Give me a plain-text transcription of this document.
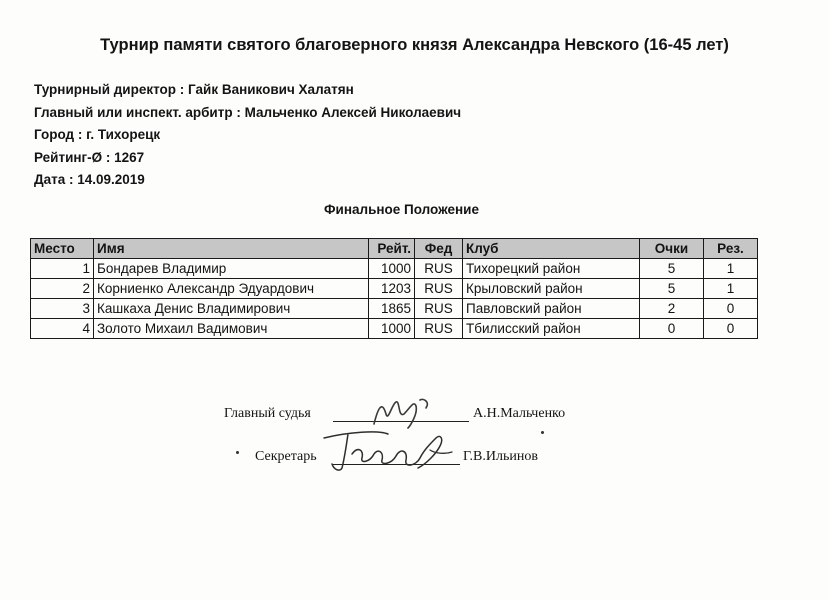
Турнир памяти святого благоверного князя Александра Невского (16-45 лет)
Турнирный директор : Гайк Ваникович Халатян
Главный или инспект. арбитр : Мальченко Алексей Николаевич
Город : г. Тихорецк
Рейтинг-Ø : 1267
Дата : 14.09.2019
Финальное Положение
Место	Имя	Рейт.	Фед	Клуб	Очки	Рез.
1	Бондарев Владимир	1000	RUS	Тихорецкий район	5	1
2	Корниенко Александр Эдуардович	1203	RUS	Крыловский район	5	1
3	Кашкаха Денис Владимирович	1865	RUS	Павловский район	2	0
4	Золото Михаил Вадимович	1000	RUS	Тбилисский район	0	0
Главный судья	А.Н.Мальченко
Секретарь	Г.В.Ильинов
